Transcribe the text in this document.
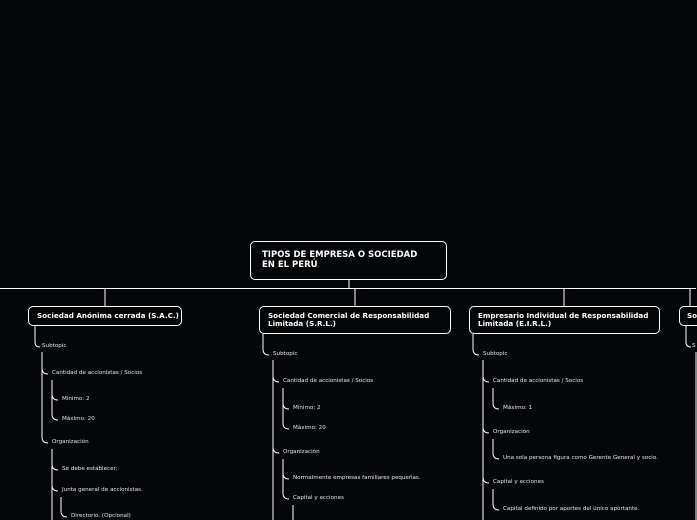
TIPOS DE EMPRESA O SOCIEDAD
EN EL PERÚ
Sociedad Anónima cerrada (S.A.C.)
Subtopic
Cantidad de accionistas / Socios
Mínimo: 2
Máximo: 20
Organización
Se debe establecer:
Junta general de accionistas.
Directorio. (Opcional)
Sociedad Comercial de Responsabilidad
Limitada (S.R.L.)
Subtopic
Cantidad de accionistas / Socios
Mínimo: 2
Máximo: 20
Organización
Normalmente empresas familiares pequeñas.
Capital y acciones
Empresario Individual de Responsabilidad
Limitada (E.I.R.L.)
Subtopic
Cantidad de accionistas / Socios
Máximo: 1
Organización
Una sola persona figura como Gerente General y socio.
Capital y acciones
Capital definido por aportes del único aportante.
So
S
